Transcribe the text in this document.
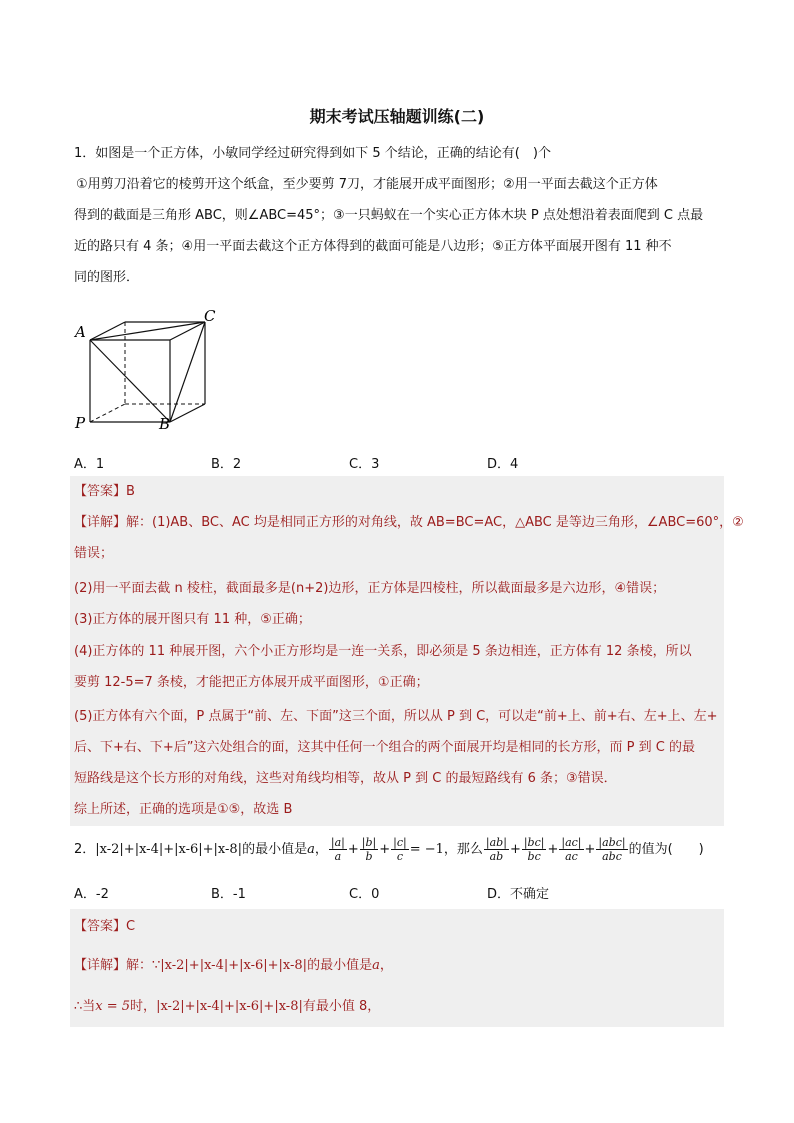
期末考试压轴题训练(二)
1．如图是一个正方体，小敏同学经过研究得到如下 5 个结论，正确的结论有(　)个
①用剪刀沿着它的棱剪开这个纸盒，至少要剪 7刀，才能展开成平面图形；②用一平面去截这个正方体
得到的截面是三角形 ABC，则∠ABC=45°；③一只蚂蚁在一个实心正方体木块 P 点处想沿着表面爬到 C 点最
近的路只有 4 条；④用一平面去截这个正方体得到的截面可能是八边形；⑤正方体平面展开图有 11 种不
同的图形．
A
C
P	B
A．1	B．2	C．3	D．4
【答案】B
【详解】解：(1)AB、BC、AC 均是相同正方形的对角线，故 AB=BC=AC，△ABC 是等边三角形，∠ABC=60°，②
错误；
(2)用一平面去截 n 棱柱，截面最多是(n+2)边形，正方体是四棱柱，所以截面最多是六边形，④错误；
(3)正方体的展开图只有 11 种，⑤正确；
(4)正方体的 11 种展开图，六个小正方形均是一连一关系，即必须是 5 条边相连，正方体有 12 条棱，所以
要剪 12-5=7 条棱，才能把正方体展开成平面图形，①正确；
(5)正方体有六个面，P 点属于“前、左、下面”这三个面，所以从 P 到 C，可以走“前+上、前+右、左+上、左+
后、下+右、下+后”这六处组合的面，这其中任何一个组合的两个面展开均是相同的长方形，而 P 到 C 的最
短路线是这个长方形的对角线，这些对角线均相等，故从 P 到 C 的最短路线有 6 条；③错误．
综上所述，正确的选项是①⑤，故选 B
2． |x-2|+|x-4|+|x-6|+|x-8| 的最小值是 a ， $\frac{|a|}{a} + \frac{|b|}{b} + \frac{|c|}{c} = -1$，那么 $\frac{|ab|}{ab} + \frac{|bc|}{bc} + \frac{|ac|}{ac} + \frac{\text{|abc|}}{\text{abc}}$ 的值为(　　)
A．-2	B．-1	C．0	D．不确定
【答案】C
【详解】解：∵|x-2|+|x-4|+|x-6|+|x-8|的最小值是a，
∴当x = 5时，|x-2|+|x-4|+|x-6|+|x-8|有最小值 8，
